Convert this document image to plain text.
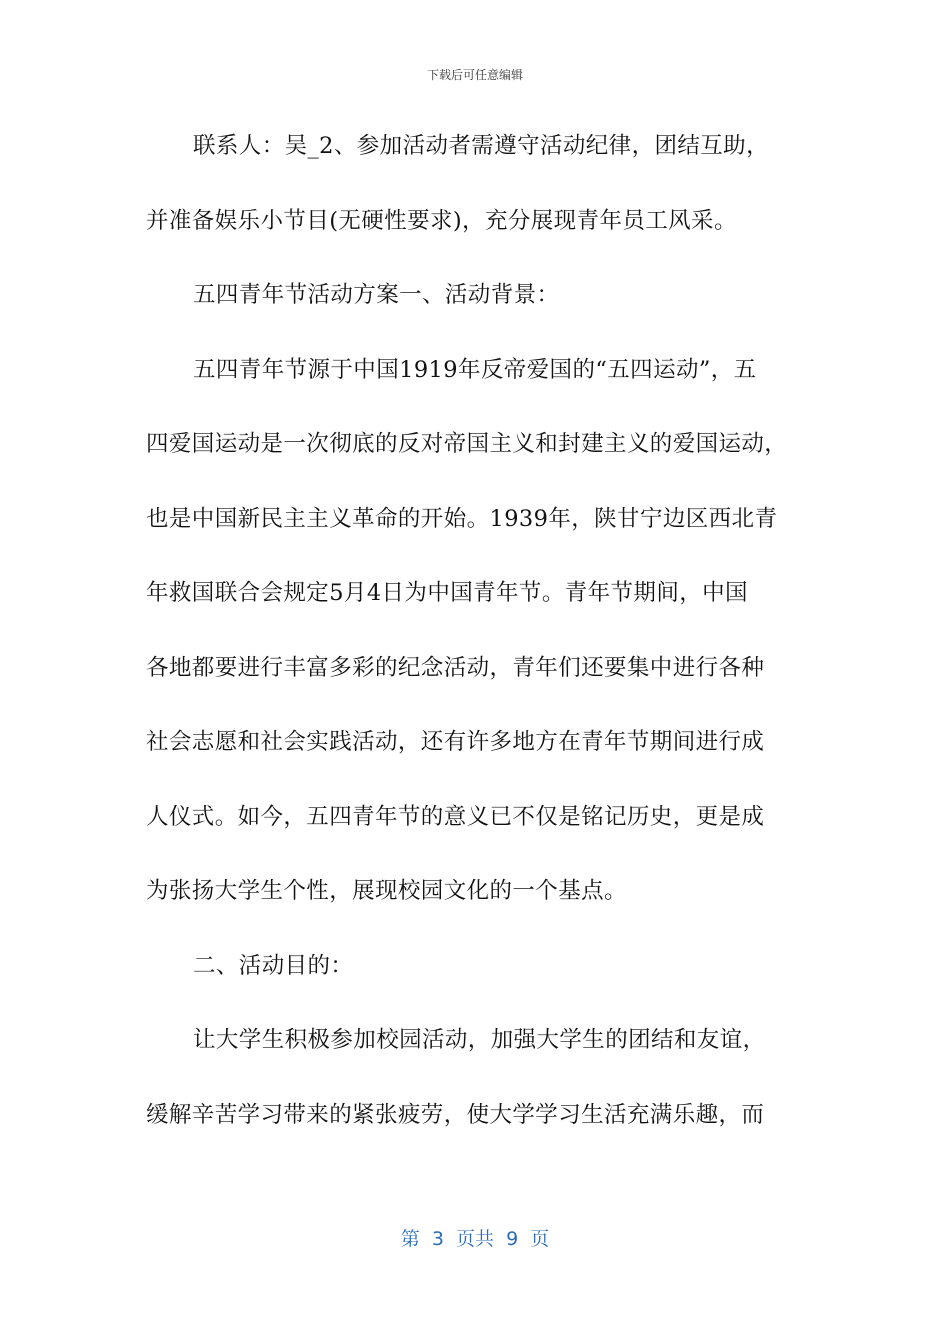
下载后可任意编辑
联系人：吴_2、参加活动者需遵守活动纪律，团结互助，
并准备娱乐小节目(无硬性要求)，充分展现青年员工风采。
五四青年节活动方案一、活动背景：
五四青年节源于中国1919年反帝爱国的“五四运动”，五
四爱国运动是一次彻底的反对帝国主义和封建主义的爱国运动，
也是中国新民主主义革命的开始。1939年，陕甘宁边区西北青
年救国联合会规定5月4日为中国青年节。青年节期间，中国
各地都要进行丰富多彩的纪念活动，青年们还要集中进行各种
社会志愿和社会实践活动，还有许多地方在青年节期间进行成
人仪式。如今，五四青年节的意义已不仅是铭记历史，更是成
为张扬大学生个性，展现校园文化的一个基点。
二、活动目的：
让大学生积极参加校园活动，加强大学生的团结和友谊，
缓解辛苦学习带来的紧张疲劳，使大学学习生活充满乐趣，而
第  3  页共  9  页
